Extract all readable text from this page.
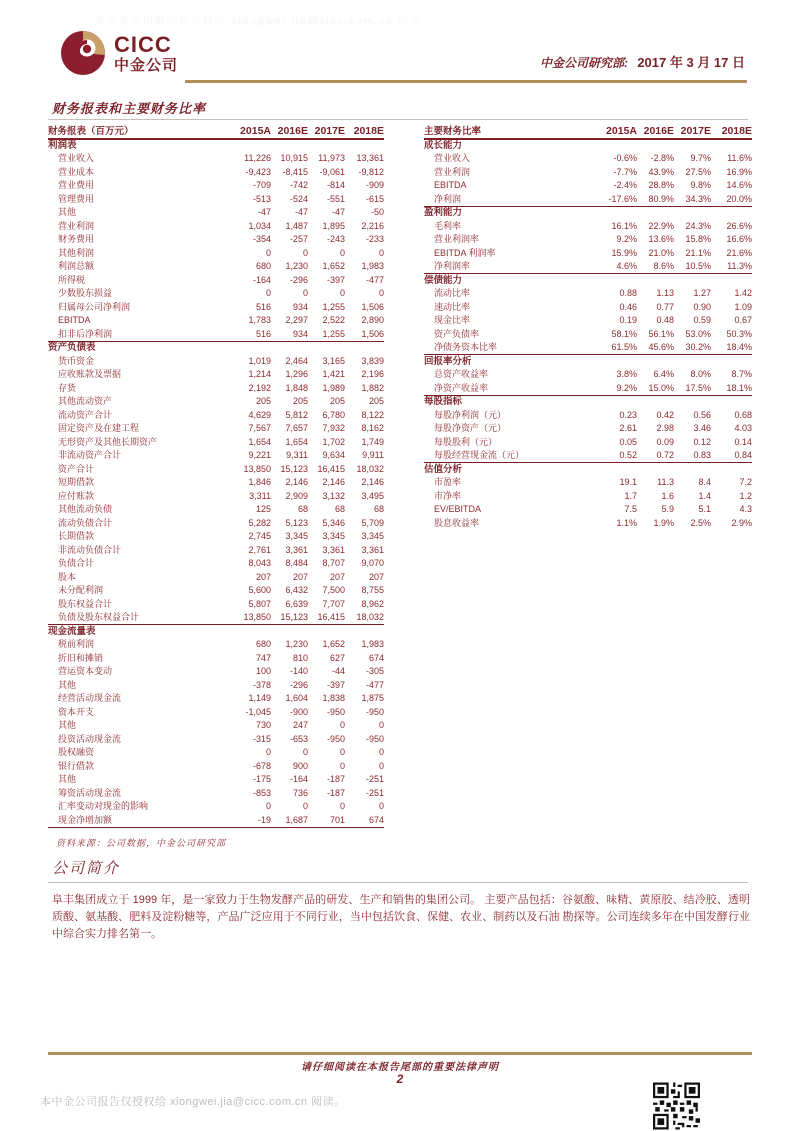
本中金公司报告仅授权给 xiongwei.jia@cicc.com.cn 阅读。
CICC
中金公司	中金公司研究部: 2017 年 3 月 17 日
财务报表和主要财务比率
财务报表（百万元）	2015A	2016E	2017E	2018E
利润表				
营业收入	11,226	10,915	11,973	13,361
营业成本	-9,423	-8,415	-9,061	-9,812
营业费用	-709	-742	-814	-909
管理费用	-513	-524	-551	-615
其他	-47	-47	-47	-50
营业利润	1,034	1,487	1,895	2,216
财务费用	-354	-257	-243	-233
其他利润	0	0	0	0
利润总额	680	1,230	1,652	1,983
所得税	-164	-296	-397	-477
少数股东损益	0	0	0	0
归属母公司净利润	516	934	1,255	1,506
EBITDA	1,783	2,297	2,522	2,890
扣非后净利润	516	934	1,255	1,506
资产负债表				
货币资金	1,019	2,464	3,165	3,839
应收账款及票据	1,214	1,296	1,421	2,196
存货	2,192	1,848	1,989	1,882
其他流动资产	205	205	205	205
流动资产合计	4,629	5,812	6,780	8,122
固定资产及在建工程	7,567	7,657	7,932	8,162
无形资产及其他长期资产	1,654	1,654	1,702	1,749
非流动资产合计	9,221	9,311	9,634	9,911
资产合计	13,850	15,123	16,415	18,032
短期借款	1,846	2,146	2,146	2,146
应付账款	3,311	2,909	3,132	3,495
其他流动负债	125	68	68	68
流动负债合计	5,282	5,123	5,346	5,709
长期借款	2,745	3,345	3,345	3,345
非流动负债合计	2,761	3,361	3,361	3,361
负债合计	8,043	8,484	8,707	9,070
股本	207	207	207	207
未分配利润	5,600	6,432	7,500	8,755
股东权益合计	5,807	6,639	7,707	8,962
负债及股东权益合计	13,850	15,123	16,415	18,032
现金流量表				
税前利润	680	1,230	1,652	1,983
折旧和摊销	747	810	627	674
营运资本变动	100	-140	-44	-305
其他	-378	-296	-397	-477
经营活动现金流	1,149	1,604	1,838	1,875
资本开支	-1,045	-900	-950	-950
其他	730	247	0	0
投资活动现金流	-315	-653	-950	-950
股权融资	0	0	0	0
银行借款	-678	900	0	0
其他	-175	-164	-187	-251
筹资活动现金流	-853	736	-187	-251
汇率变动对现金的影响	0	0	0	0
现金净增加额	-19	1,687	701	674
主要财务比率	2015A	2016E	2017E	2018E
成长能力				
营业收入	-0.6%	-2.8%	9.7%	11.6%
营业利润	-7.7%	43.9%	27.5%	16.9%
EBITDA	-2.4%	28.8%	9.8%	14.6%
净利润	-17.6%	80.9%	34.3%	20.0%
盈利能力				
毛利率	16.1%	22.9%	24.3%	26.6%
营业利润率	9.2%	13.6%	15.8%	16.6%
EBITDA 利润率	15.9%	21.0%	21.1%	21.6%
净利润率	4.6%	8.6%	10.5%	11.3%
偿债能力				
流动比率	0.88	1.13	1.27	1.42
速动比率	0.46	0.77	0.90	1.09
现金比率	0.19	0.48	0.59	0.67
资产负债率	58.1%	56.1%	53.0%	50.3%
净债务资本比率	61.5%	45.6%	30.2%	18.4%
回报率分析				
总资产收益率	3.8%	6.4%	8.0%	8.7%
净资产收益率	9.2%	15.0%	17.5%	18.1%
每股指标				
每股净利润（元）	0.23	0.42	0.56	0.68
每股净资产（元）	2.61	2.98	3.46	4.03
每股股利（元）	0.05	0.09	0.12	0.14
每股经营现金流（元）	0.52	0.72	0.83	0.84
估值分析				
市盈率	19.1	11.3	8.4	7.2
市净率	1.7	1.6	1.4	1.2
EV/EBITDA	7.5	5.9	5.1	4.3
股息收益率	1.1%	1.9%	2.5%	2.9%
资料来源：公司数据，中金公司研究部
公司简介

阜丰集团成立于 1999 年，是一家致力于生物发酵产品的研发、生产和销售的集团公司。 主要产品包括：谷氨酸、味精、黄原胶、结冷胶、透明质酸、氨基酸、肥料及淀粉糖等，产品广泛应用于不同行业，当中包括饮食、保健、农业、制药以及石油 勘探等。公司连续多年在中国发酵行业中综合实力排名第一。

请仔细阅读在本报告尾部的重要法律声明
2
本中金公司报告仅授权给 xiongwei.jia@cicc.com.cn 阅读。
